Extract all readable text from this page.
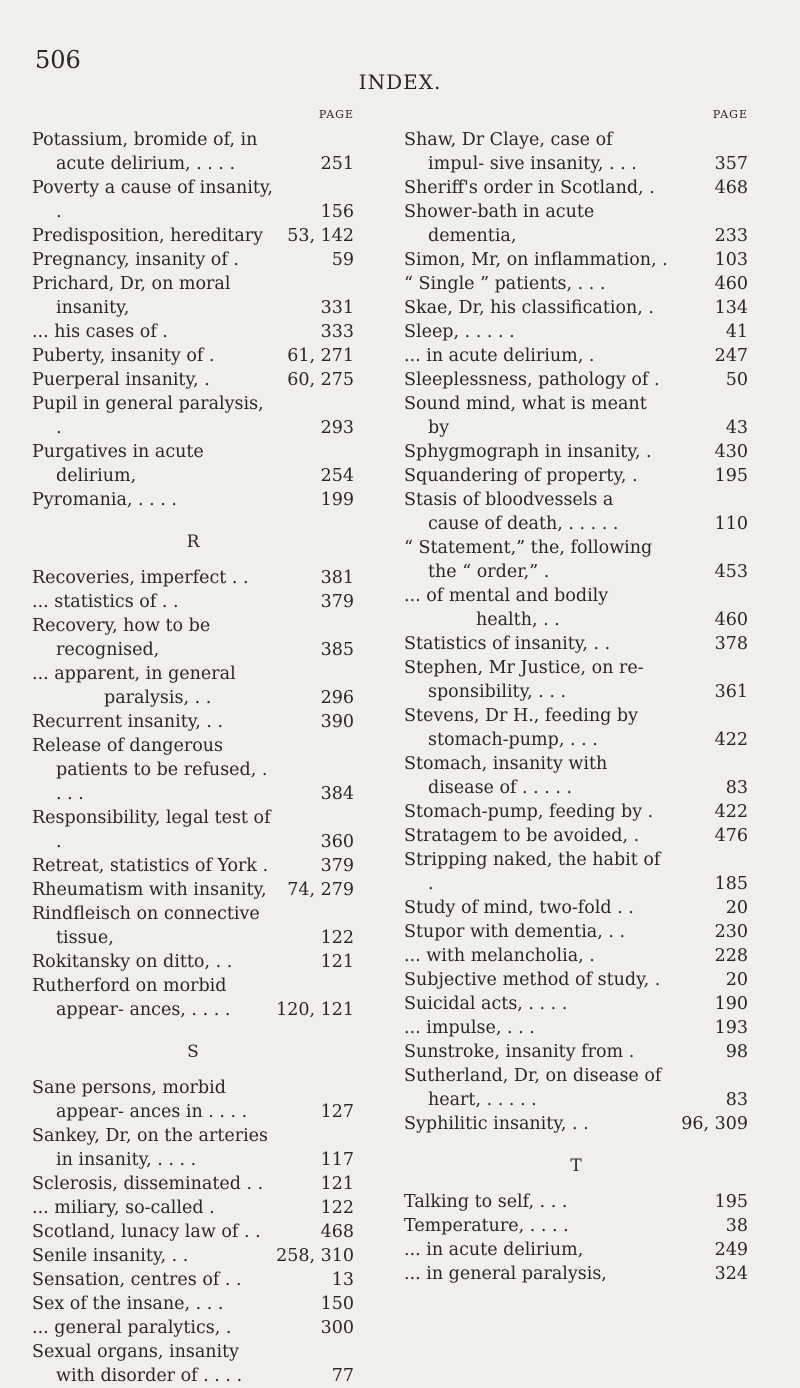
506
INDEX.
PAGE
Potassium, bromide of, in acute delirium, . . . .	251
Poverty a cause of insanity, .	156
Predisposition, hereditary 53, 142
Pregnancy, insanity of .	59
Prichard, Dr, on moral insanity,	331
... his cases of .	333
Puberty, insanity of .	61, 271
Puerperal insanity, .	60, 275
Pupil in general paralysis, .	293
Purgatives in acute delirium,	254
Pyromania, . . . .	199
R
Recoveries, imperfect . .	381
... statistics of . .	379
Recovery, how to be recognised,	385
... apparent, in general paralysis, . .	296
Recurrent insanity, . .	390
Release of dangerous patients to be refused, . . . .	384
Responsibility, legal test of .	360
Retreat, statistics of York .	379
Rheumatism with insanity, 74, 279
Rindfleisch on connective tissue,	122
Rokitansky on ditto, . .	121
Rutherford on morbid appear- ances, . . . .	120, 121
S
Sane persons, morbid appear- ances in . . . .	127
Sankey, Dr, on the arteries in insanity, . . . .	117
Sclerosis, disseminated . .	121
... miliary, so-called .	122
Scotland, lunacy law of . .	468
Senile insanity, . .	258, 310
Sensation, centres of . .	13
Sex of the insane, . . .	150
... general paralytics, .	300
Sexual organs, insanity with disorder of . . . .	77
PAGE
Shaw, Dr Claye, case of impul- sive insanity, . . .	357
Sheriff's order in Scotland, .	468
Shower-bath in acute dementia,	233
Simon, Mr, on inflammation, .	103
“ Single ” patients, . . .	460
Skae, Dr, his classification, .	134
Sleep, . . . . .	41
... in acute delirium, .	247
Sleeplessness, pathology of .	50
Sound mind, what is meant by	43
Sphygmograph in insanity, .	430
Squandering of property, .	195
Stasis of bloodvessels a cause of death, . . . . .	110
“ Statement,” the, following the “ order,” .	453
... of mental and bodily health, . .	460
Statistics of insanity, . .	378
Stephen, Mr Justice, on re- sponsibility, . . .	361
Stevens, Dr H., feeding by stomach-pump, . . .	422
Stomach, insanity with disease of . . . . .	83
Stomach-pump, feeding by .	422
Stratagem to be avoided, .	476
Stripping naked, the habit of .	185
Study of mind, two-fold . .	20
Stupor with dementia, . .	230
... with melancholia, .	228
Subjective method of study, .	20
Suicidal acts, . . . .	190
... impulse, . . .	193
Sunstroke, insanity from .	98
Sutherland, Dr, on disease of heart, . . . . .	83
Syphilitic insanity, . .	96, 309
T
Talking to self, . . .	195
Temperature, . . . .	38
... in acute delirium,	249
... in general paralysis,	324
